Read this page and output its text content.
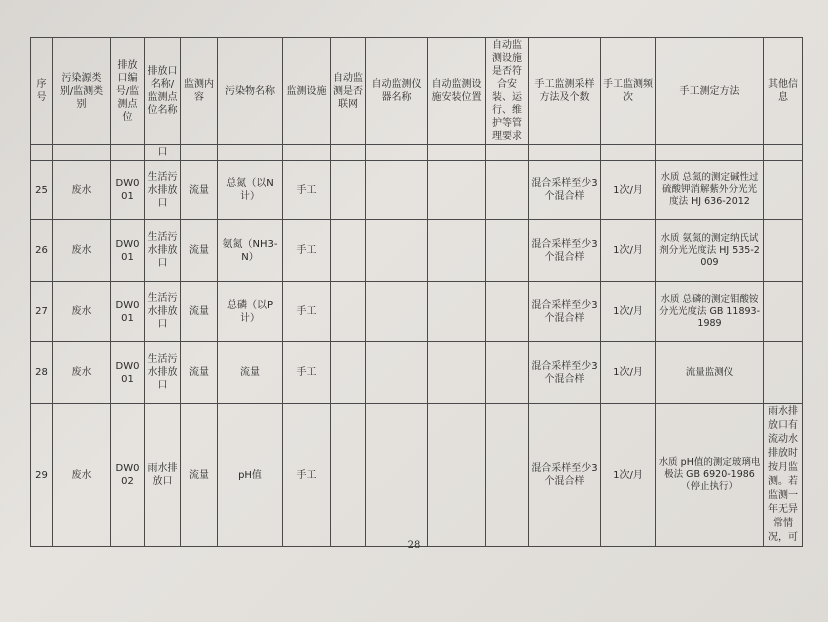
序号	污染源类别/监测类别	排放口编号/监测点位	排放口名称/监测点位名称	监测内容	污染物名称	监测设施	自动监测是否联网	自动监测仪器名称	自动监测设施安装位置	自动监测设施是否符合安装、运行、维护等管理要求	手工监测采样方法及个数	手工监测频次	手工测定方法	其他信息
			口											
25	废水	DW001	生活污水排放口	流量	总氮（以N计）	手工					混合采样至少3个混合样	1次/月	水质 总氮的测定碱性过硫酸钾消解紫外分光光度法 HJ 636-2012	
26	废水	DW001	生活污水排放口	流量	氨氮（NH3-N）	手工					混合采样至少3个混合样	1次/月	水质 氨氮的测定纳氏试剂分光光度法 HJ 535-2009	
27	废水	DW001	生活污水排放口	流量	总磷（以P计）	手工					混合采样至少3个混合样	1次/月	水质 总磷的测定钼酸铵分光光度法 GB 11893-1989	
28	废水	DW001	生活污水排放口	流量	流量	手工					混合采样至少3个混合样	1次/月	流量监测仪	
29	废水	DW002	雨水排放口	流量	pH值	手工					混合采样至少3个混合样	1次/月	水质 pH值的测定玻璃电极法 GB 6920-1986（停止执行）	雨水排放口有流动水排放时按月监测。若监测一年无异常情况，可
28
